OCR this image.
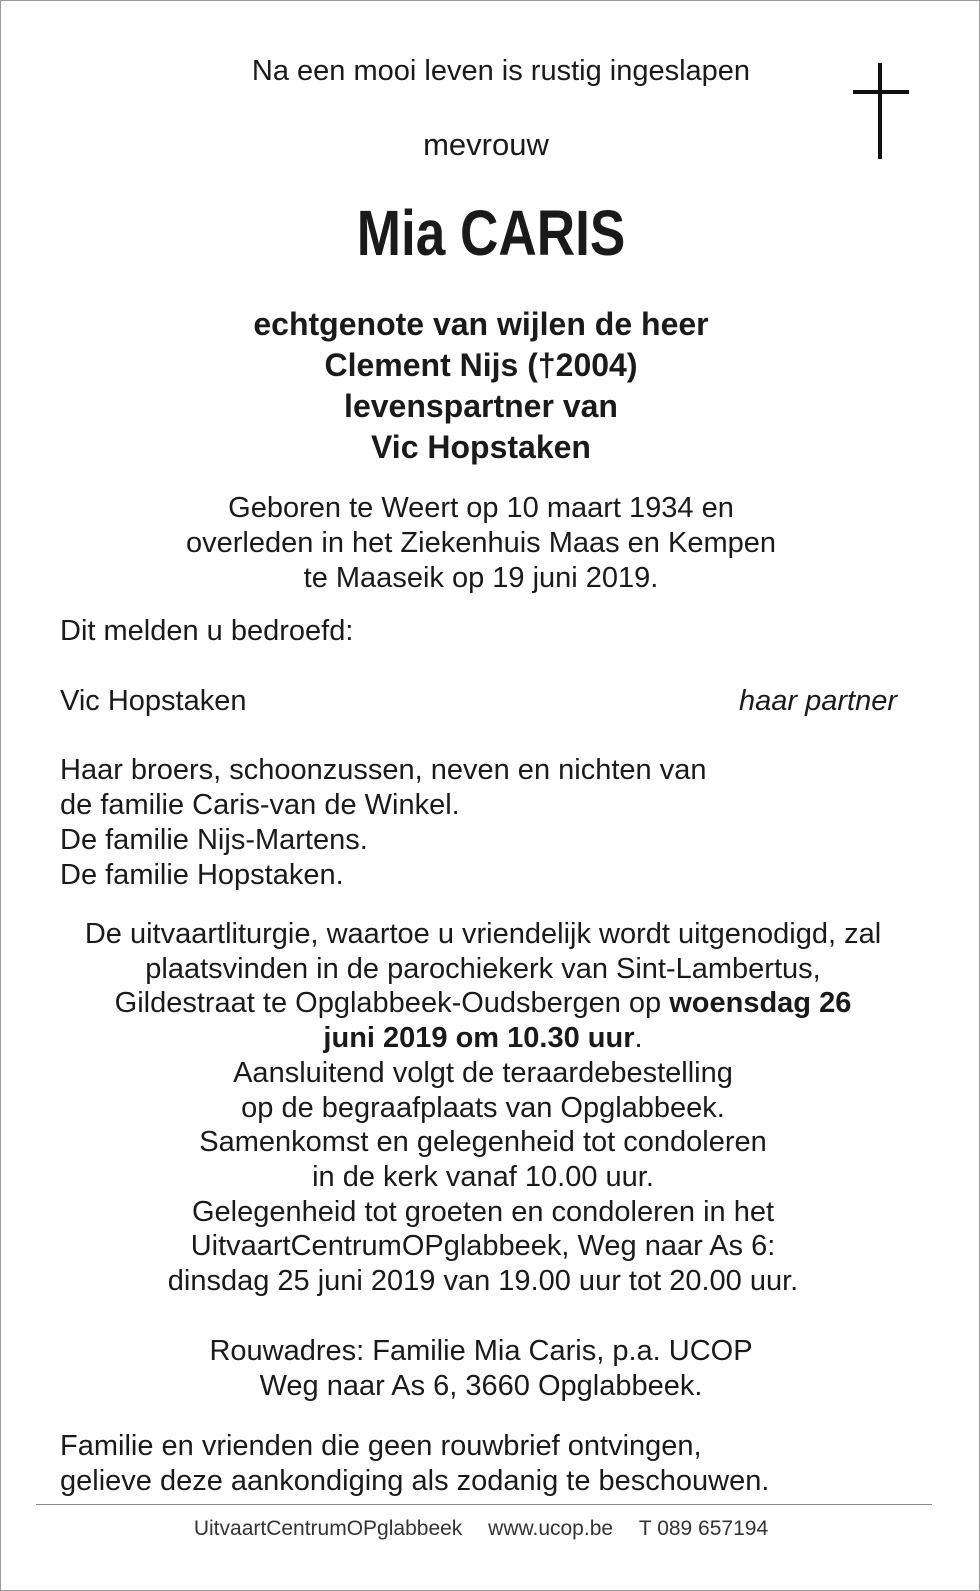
Na een mooi leven is rustig ingeslapen
mevrouw
Mia CARIS
echtgenote van wijlen de heer
Clement Nijs (†2004)
levenspartner van
Vic Hopstaken
Geboren te Weert op 10 maart 1934 en
overleden in het Ziekenhuis Maas en Kempen
te Maaseik op 19 juni 2019.
Dit melden u bedroefd:
Vic Hopstaken	haar partner
Haar broers, schoonzussen, neven en nichten van
de familie Caris-van de Winkel.
De familie Nijs-Martens.
De familie Hopstaken.
De uitvaartliturgie, waartoe u vriendelijk wordt uitgenodigd, zal
plaatsvinden in de parochiekerk van Sint-Lambertus,
Gildestraat te Opglabbeek-Oudsbergen op woensdag 26
juni 2019 om 10.30 uur.
Aansluitend volgt de teraardebestelling
op de begraafplaats van Opglabbeek.
Samenkomst en gelegenheid tot condoleren
in de kerk vanaf 10.00 uur.
Gelegenheid tot groeten en condoleren in het
UitvaartCentrumOPglabbeek, Weg naar As 6:
dinsdag 25 juni 2019 van 19.00 uur tot 20.00 uur.
Rouwadres: Familie Mia Caris, p.a. UCOP
Weg naar As 6, 3660 Opglabbeek.
Familie en vrienden die geen rouwbrief ontvingen,
gelieve deze aankondiging als zodanig te beschouwen.
UitvaartCentrumOPglabbeek www.ucop.be T 089 657194
